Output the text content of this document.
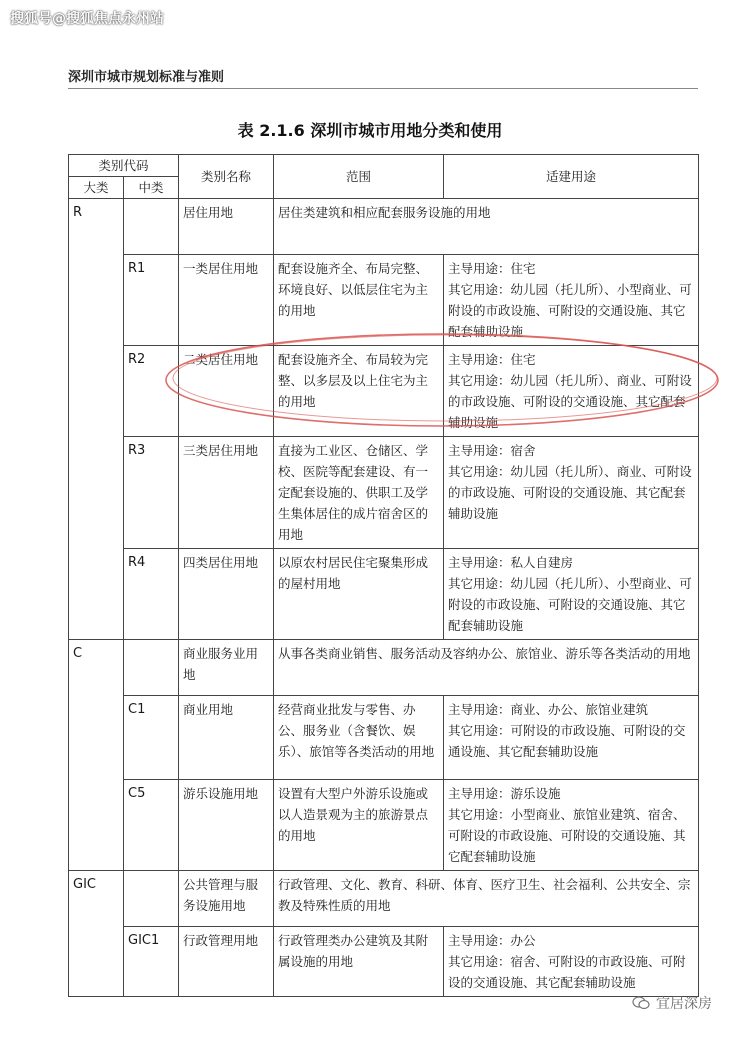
搜狐号@搜狐焦点永州站
深圳市城市规划标准与准则
表 2.1.6 深圳市城市用地分类和使用
类别代码		类别名称	范围	适建用途
大类	中类			
R		居住用地	居住类建筑和相应配套服务设施的用地	
	R1	一类居住用地	配套设施齐全、布局完整、环境良好、以低层住宅为主的用地	主导用途：住宅
其它用途：幼儿园（托儿所）、小型商业、可附设的市政设施、可附设的交通设施、其它配套辅助设施
	R2	二类居住用地	配套设施齐全、布局较为完整、以多层及以上住宅为主的用地	主导用途：住宅
其它用途：幼儿园（托儿所）、商业、可附设的市政设施、可附设的交通设施、其它配套辅助设施
	R3	三类居住用地	直接为工业区、仓储区、学校、医院等配套建设、有一定配套设施的、供职工及学生集体居住的成片宿舍区的用地	主导用途：宿舍
其它用途：幼儿园（托儿所）、商业、可附设的市政设施、可附设的交通设施、其它配套辅助设施
	R4	四类居住用地	以原农村居民住宅聚集形成的屋村用地	主导用途：私人自建房
其它用途：幼儿园（托儿所）、小型商业、可附设的市政设施、可附设的交通设施、其它配套辅助设施
C		商业服务业用地	从事各类商业销售、服务活动及容纳办公、旅馆业、游乐等各类活动的用地	
	C1	商业用地	经营商业批发与零售、办公、服务业（含餐饮、娱乐）、旅馆等各类活动的用地	主导用途：商业、办公、旅馆业建筑
其它用途：可附设的市政设施、可附设的交通设施、其它配套辅助设施
	C5	游乐设施用地	设置有大型户外游乐设施或以人造景观为主的旅游景点的用地	主导用途：游乐设施
其它用途：小型商业、旅馆业建筑、宿舍、可附设的市政设施、可附设的交通设施、其它配套辅助设施
GIC		公共管理与服务设施用地	行政管理、文化、教育、科研、体育、医疗卫生、社会福利、公共安全、宗教及特殊性质的用地	
	GIC1	行政管理用地	行政管理类办公建筑及其附属设施的用地	主导用途：办公
其它用途：宿舍、可附设的市政设施、可附设的交通设施、其它配套辅助设施
宜居深房
